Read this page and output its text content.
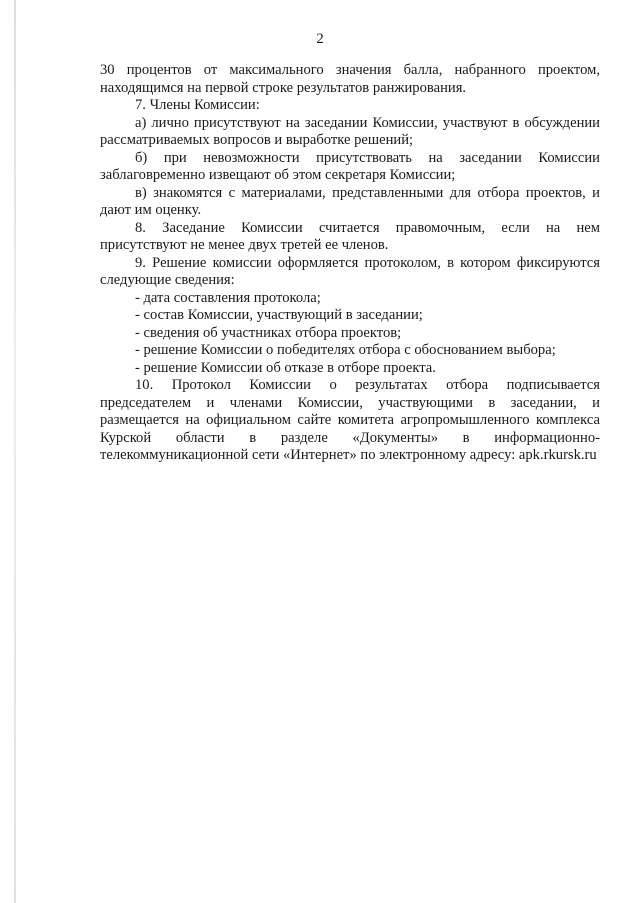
2

30 процентов от максимального значения балла, набранного проектом, находящимся на первой строке результатов ранжирования.

7. Члены Комиссии:

а) лично присутствуют на заседании Комиссии, участвуют в обсуждении рассматриваемых вопросов и выработке решений;

б) при невозможности присутствовать на заседании Комиссии заблаговременно извещают об этом секретаря Комиссии;

в) знакомятся с материалами, представленными для отбора проектов, и дают им оценку.

8. Заседание Комиссии считается правомочным, если на нем присутствуют не менее двух третей ее членов.

9. Решение комиссии оформляется протоколом, в котором фиксируются следующие сведения:

- дата составления протокола;

- состав Комиссии, участвующий в заседании;

- сведения об участниках отбора проектов;

- решение Комиссии о победителях отбора с обоснованием выбора;

- решение Комиссии об отказе в отборе проекта.

10. Протокол Комиссии о результатах отбора подписывается председателем и членами Комиссии, участвующими в заседании, и размещается на официальном сайте комитета агропромышленного комплекса Курской области в разделе «Документы» в информационно-телекоммуникационной сети «Интернет» по электронному адресу: apk.rkursk.ru
